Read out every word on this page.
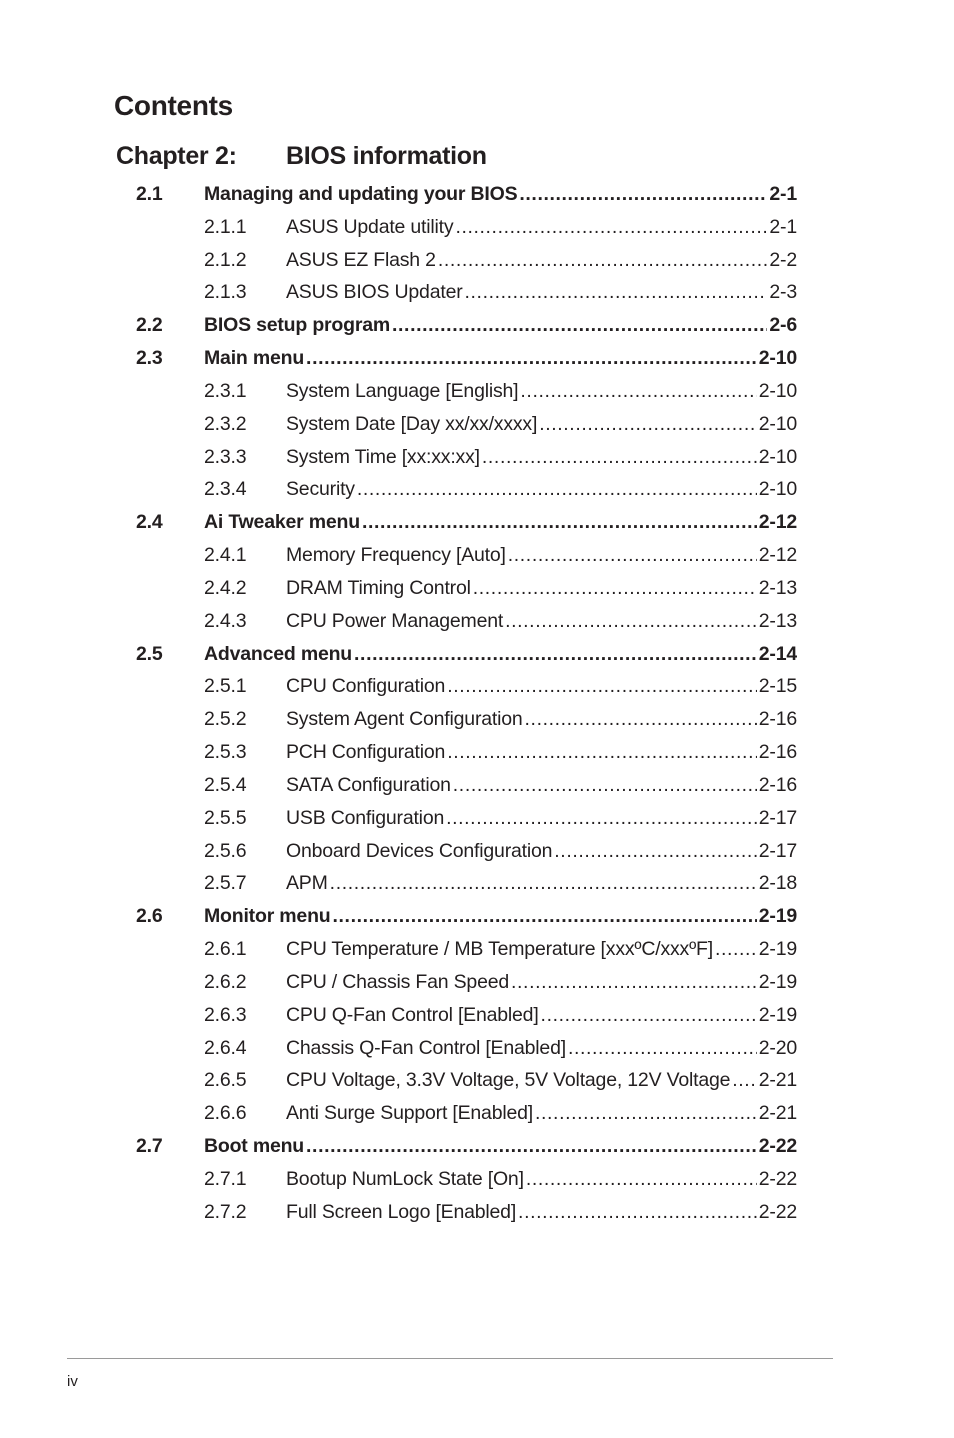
Contents
Chapter 2: BIOS information
2.1 Managing and updating your BIOS .....	2-1
2.1.1 ASUS Update utility .....	2-1
2.1.2 ASUS EZ Flash 2 .....	2-2
2.1.3 ASUS BIOS Updater .....	2-3
2.2 BIOS setup program .....	2-6
2.3 Main menu .....	2-10
2.3.1 System Language [English] .....	2-10
2.3.2 System Date [Day xx/xx/xxxx] .....	2-10
2.3.3 System Time [xx:xx:xx] .....	2-10
2.3.4 Security .....	2-10
2.4 Ai Tweaker menu .....	2-12
2.4.1 Memory Frequency [Auto] .....	2-12
2.4.2 DRAM Timing Control .....	2-13
2.4.3 CPU Power Management .....	2-13
2.5 Advanced menu .....	2-14
2.5.1 CPU Configuration .....	2-15
2.5.2 System Agent Configuration .....	2-16
2.5.3 PCH Configuration .....	2-16
2.5.4 SATA Configuration .....	2-16
2.5.5 USB Configuration .....	2-17
2.5.6 Onboard Devices Configuration .....	2-17
2.5.7 APM .....	2-18
2.6 Monitor menu .....	2-19
2.6.1 CPU Temperature / MB Temperature [xxxºC/xxxºF] ..... 2-19
2.6.2 CPU / Chassis Fan Speed .....	2-19
2.6.3 CPU Q-Fan Control [Enabled] .....	2-19
2.6.4 Chassis Q-Fan Control [Enabled] .....	2-20
2.6.5 CPU Voltage, 3.3V Voltage, 5V Voltage, 12V Voltage ..... 2-21
2.6.6 Anti Surge Support [Enabled] .....	2-21
2.7 Boot menu .....	2-22
2.7.1 Bootup NumLock State [On] .....	2-22
2.7.2 Full Screen Logo [Enabled] .....	2-22
iv
